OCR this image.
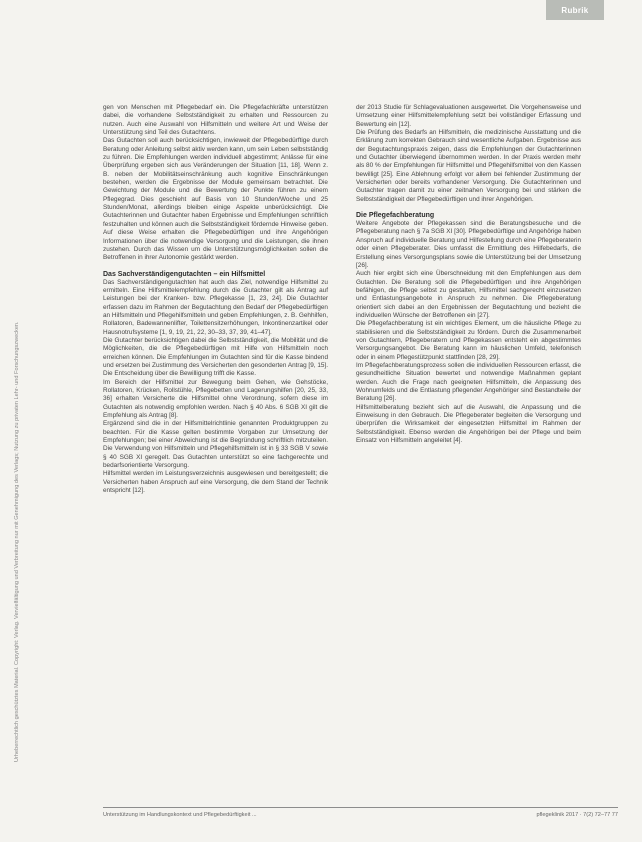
Rubrik
Urheberrechtlich geschütztes Material. Copyright: Verlag. Vervielfältigung und Verbreitung nur mit Genehmigung des Verlags; Nutzung zu privaten Lehr- und Forschungszwecken.

gen von Menschen mit Pflegebedarf ein. Die Pflegefachkräfte unterstützen dabei, die vorhandene Selbstständigkeit zu erhalten und Ressourcen zu nutzen. Auch eine Auswahl von Hilfsmitteln und weitere Art und Weise der Unterstützung sind Teil des Gutachtens.

Das Gutachten soll auch berücksichtigen, inwieweit der Pflegebedürftige durch Beratung oder Anleitung selbst aktiv werden kann, um sein Leben selbstständig zu führen. Die Empfehlungen werden individuell abgestimmt; Anlässe für eine Überprüfung ergeben sich aus Veränderungen der Situation [11, 18]. Wenn z. B. neben der Mobilitätseinschränkung auch kognitive Einschränkungen bestehen, werden die Ergebnisse der Module gemeinsam betrachtet. Die Gewichtung der Module und die Bewertung der Punkte führen zu einem Pflegegrad. Dies geschieht auf Basis von 10 Stunden/Woche und 25 Stunden/Monat, allerdings bleiben einige Aspekte unberücksichtigt. Die Gutachterinnen und Gutachter haben Ergebnisse und Empfehlungen schriftlich festzuhalten und können auch die Selbstständigkeit fördernde Hinweise geben. Auf diese Weise erhalten die Pflegebedürftigen und ihre Angehörigen Informationen über die notwendige Versorgung und die Leistungen, die ihnen zustehen. Durch das Wissen um die Unterstützungsmöglichkeiten sollen die Betroffenen in ihrer Autonomie gestärkt werden.

Das Sachverständigengutachten – ein Hilfsmittel

Das Sachverständigengutachten hat auch das Ziel, notwendige Hilfsmittel zu ermitteln. Eine Hilfsmittelempfehlung durch die Gutachter gilt als Antrag auf Leistungen bei der Kranken- bzw. Pflegekasse [1, 23, 24]. Die Gutachter erfassen dazu im Rahmen der Begutachtung den Bedarf der Pflegebedürftigen an Hilfsmitteln und Pflegehilfsmitteln und geben Empfehlungen, z. B. Gehhilfen, Rollatoren, Badewannenlifter, Toilettensitzerhöhungen, Inkontinenzartikel oder Hausnotrufsysteme [1, 9, 19, 21, 22, 30–33, 37, 39, 41–47].

Die Gutachter berücksichtigen dabei die Selbstständigkeit, die Mobilität und die Möglichkeiten, die die Pflegebedürftigen mit Hilfe von Hilfsmitteln noch erreichen können. Die Empfehlungen im Gutachten sind für die Kasse bindend und ersetzen bei Zustimmung des Versicherten den gesonderten Antrag [9, 15]. Die Entscheidung über die Bewilligung trifft die Kasse.

Im Bereich der Hilfsmittel zur Bewegung beim Gehen, wie Gehstöcke, Rollatoren, Krücken, Rollstühle, Pflegebetten und Lagerungshilfen [20, 25, 33, 36] erhalten Versicherte die Hilfsmittel ohne Verordnung, sofern diese im Gutachten als notwendig empfohlen werden. Nach § 40 Abs. 6 SGB XI gilt die Empfehlung als Antrag [8].

Ergänzend sind die in der Hilfsmittelrichtlinie genannten Produktgruppen zu beachten. Für die Kasse gelten bestimmte Vorgaben zur Umsetzung der Empfehlungen; bei einer Abweichung ist die Begründung schriftlich mitzuteilen. Die Verwendung von Hilfsmitteln und Pflegehilfsmitteln ist in § 33 SGB V sowie § 40 SGB XI geregelt. Das Gutachten unterstützt so eine fachgerechte und bedarfsorientierte Versorgung.

Hilfsmittel werden im Leistungsverzeichnis ausgewiesen und bereitgestellt; die Versicherten haben Anspruch auf eine Versorgung, die dem Stand der Technik entspricht [12].

der 2013 Studie für Schlagevaluationen ausgewertet. Die Vorgehensweise und Umsetzung einer Hilfsmittelempfehlung setzt bei vollständiger Erfassung und Bewertung ein [12].

Die Prüfung des Bedarfs an Hilfsmitteln, die medizinische Ausstattung und die Erklärung zum korrekten Gebrauch sind wesentliche Aufgaben. Ergebnisse aus der Begutachtungspraxis zeigen, dass die Empfehlungen der Gutachterinnen und Gutachter überwiegend übernommen werden. In der Praxis werden mehr als 80 % der Empfehlungen für Hilfsmittel und Pflegehilfsmittel von den Kassen bewilligt [25]. Eine Ablehnung erfolgt vor allem bei fehlender Zustimmung der Versicherten oder bereits vorhandener Versorgung. Die Gutachterinnen und Gutachter tragen damit zu einer zeitnahen Versorgung bei und stärken die Selbstständigkeit der Pflegebedürftigen und ihrer Angehörigen.

Die Pflegefachberatung

Weitere Angebote der Pflegekassen sind die Beratungsbesuche und die Pflegeberatung nach § 7a SGB XI [30]. Pflegebedürftige und Angehörige haben Anspruch auf individuelle Beratung und Hilfestellung durch eine Pflegeberaterin oder einen Pflegeberater. Dies umfasst die Ermittlung des Hilfebedarfs, die Erstellung eines Versorgungsplans sowie die Unterstützung bei der Umsetzung [26].

Auch hier ergibt sich eine Überschneidung mit den Empfehlungen aus dem Gutachten. Die Beratung soll die Pflegebedürftigen und ihre Angehörigen befähigen, die Pflege selbst zu gestalten, Hilfsmittel sachgerecht einzusetzen und Entlastungsangebote in Anspruch zu nehmen. Die Pflegeberatung orientiert sich dabei an den Ergebnissen der Begutachtung und bezieht die individuellen Wünsche der Betroffenen ein [27].

Die Pflegefachberatung ist ein wichtiges Element, um die häusliche Pflege zu stabilisieren und die Selbstständigkeit zu fördern. Durch die Zusammenarbeit von Gutachtern, Pflegeberatern und Pflegekassen entsteht ein abgestimmtes Versorgungsangebot. Die Beratung kann im häuslichen Umfeld, telefonisch oder in einem Pflegestützpunkt stattfinden [28, 29].

Im Pflegefachberatungsprozess sollen die individuellen Ressourcen erfasst, die gesundheitliche Situation bewertet und notwendige Maßnahmen geplant werden. Auch die Frage nach geeigneten Hilfsmitteln, die Anpassung des Wohnumfelds und die Entlastung pflegender Angehöriger sind Bestandteile der Beratung [26].

Hilfsmittelberatung bezieht sich auf die Auswahl, die Anpassung und die Einweisung in den Gebrauch. Die Pflegeberater begleiten die Versorgung und überprüfen die Wirksamkeit der eingesetzten Hilfsmittel im Rahmen der Selbstständigkeit. Ebenso werden die Angehörigen bei der Pflege und beim Einsatz von Hilfsmitteln angeleitet [4].

Unterstützung im Handlungskontext und Pflegebedürftigkeit ...	pflegeklinik 2017 · 7(2) 72–77 77
